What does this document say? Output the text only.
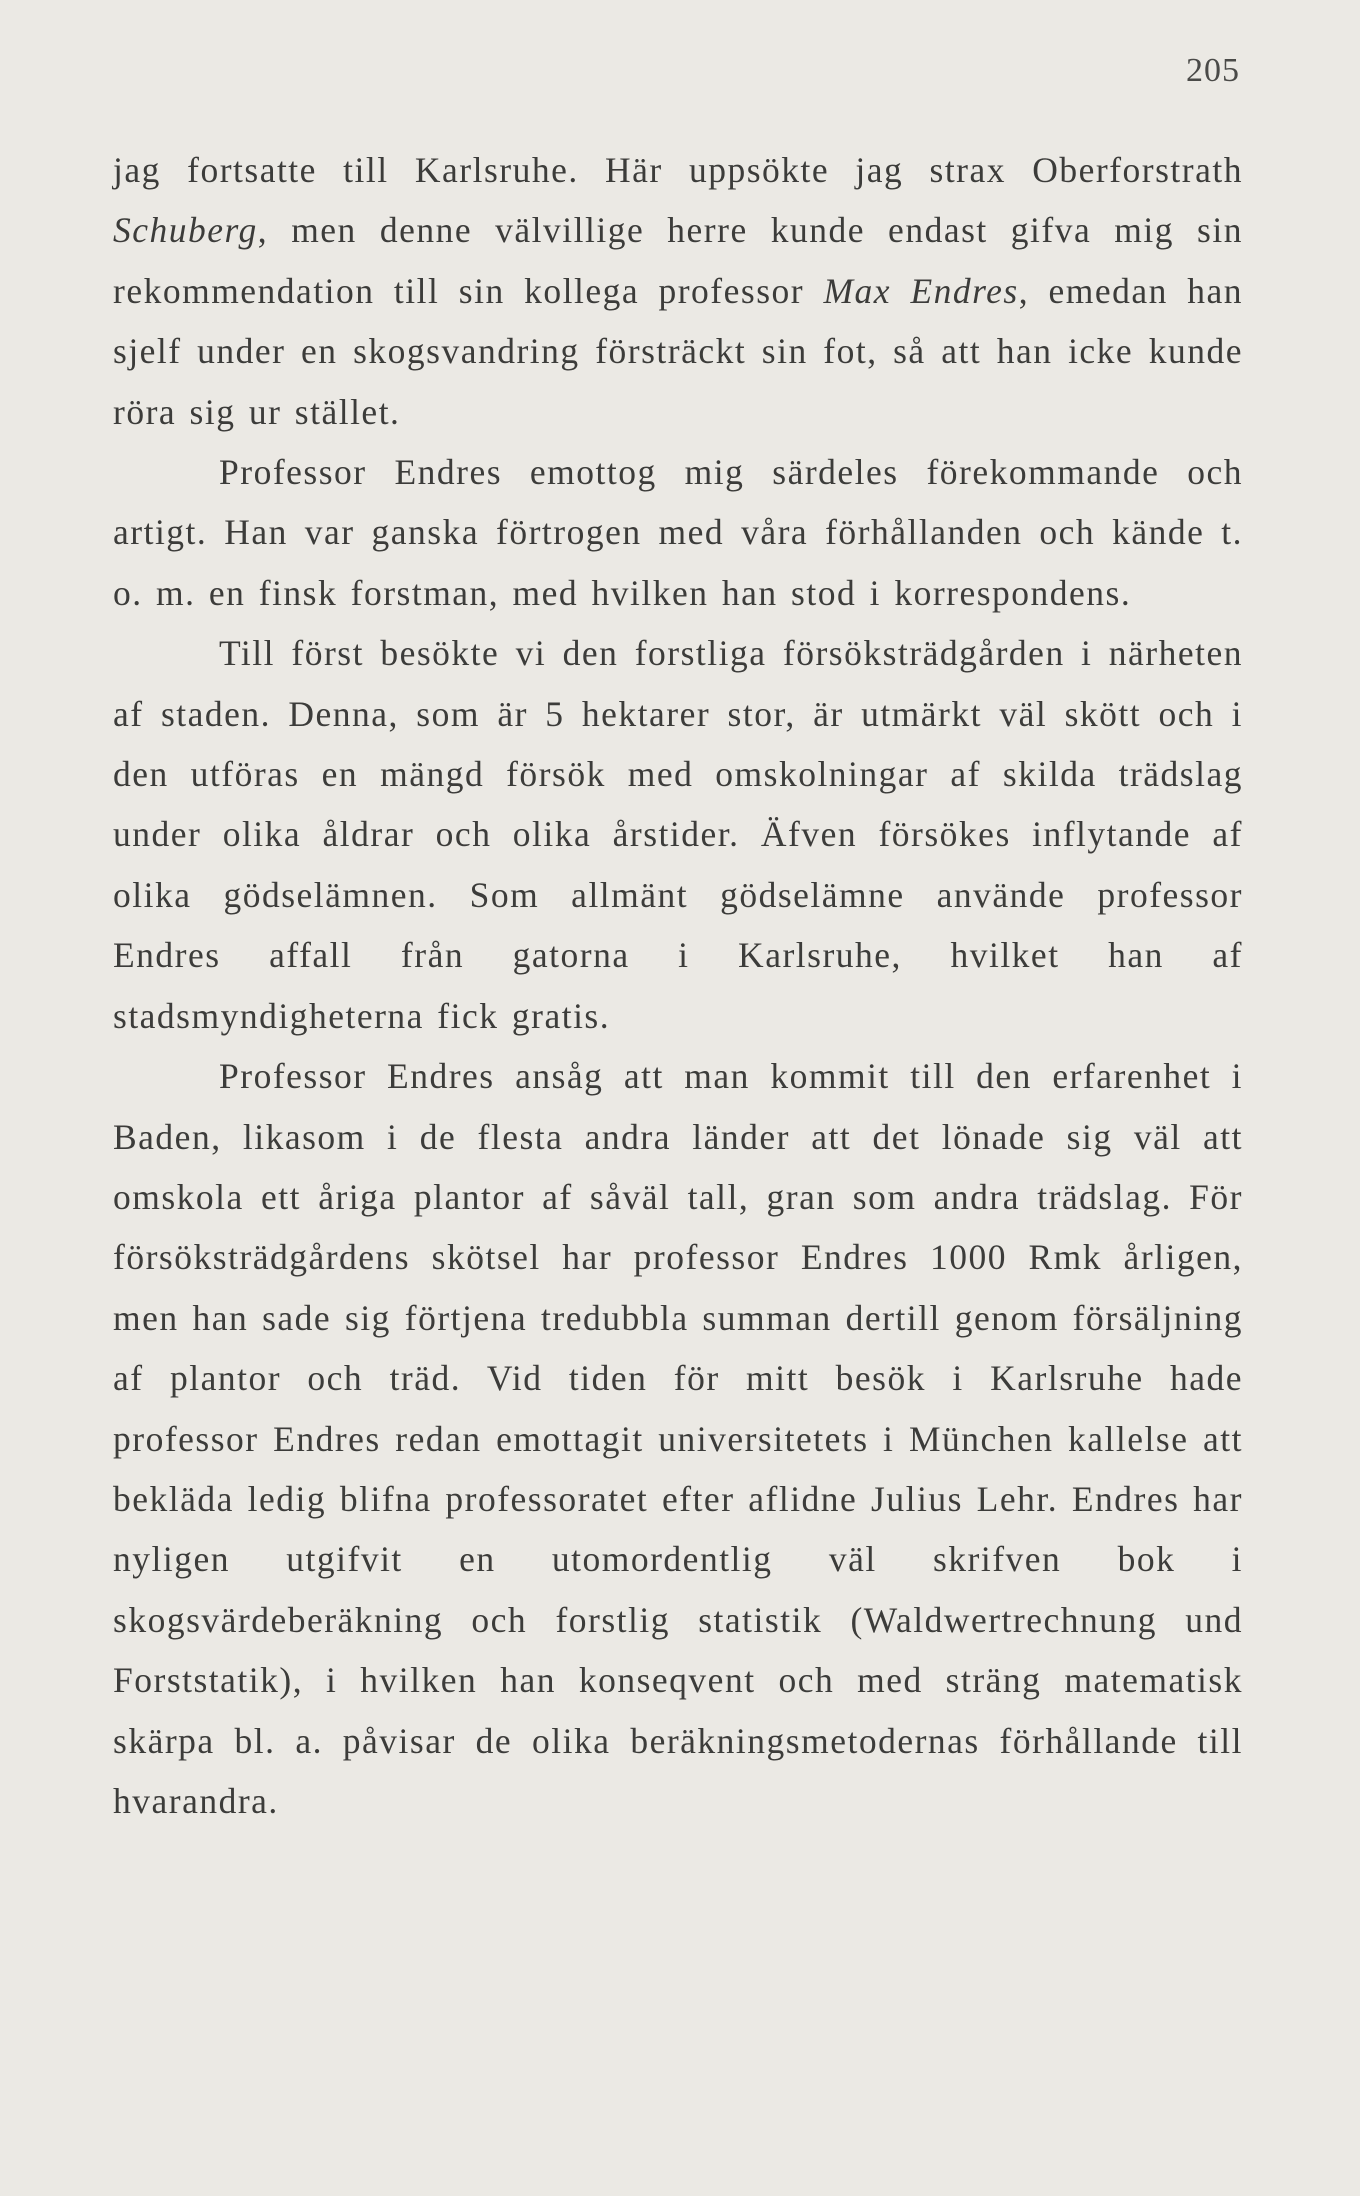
205

jag fortsatte till Karlsruhe. Här uppsökte jag strax Oberforstrath Schuberg, men denne välvillige herre kunde endast gifva mig sin rekommendation till sin kollega professor Max Endres, emedan han sjelf under en skogsvandring försträckt sin fot, så att han icke kunde röra sig ur stället.

Professor Endres emottog mig särdeles förekommande och artigt. Han var ganska förtrogen med våra förhållanden och kände t. o. m. en finsk forstman, med hvilken han stod i korrespondens.

Till först besökte vi den forstliga försöksträdgården i närheten af staden. Denna, som är 5 hektarer stor, är utmärkt väl skött och i den utföras en mängd försök med omskolningar af skilda trädslag under olika åldrar och olika årstider. Äfven försökes inflytande af olika gödselämnen. Som allmänt gödselämne använde professor Endres affall från gatorna i Karlsruhe, hvilket han af stadsmyndigheterna fick gratis.

Professor Endres ansåg att man kommit till den erfarenhet i Baden, likasom i de flesta andra länder att det lönade sig väl att omskola ett åriga plantor af såväl tall, gran som andra trädslag. För försöksträdgårdens skötsel har professor Endres 1000 Rmk årligen, men han sade sig förtjena tredubbla summan dertill genom försäljning af plantor och träd. Vid tiden för mitt besök i Karlsruhe hade professor Endres redan emottagit universitetets i München kallelse att bekläda ledig blifna professoratet efter aflidne Julius Lehr. Endres har nyligen utgifvit en utomordentlig väl skrifven bok i skogsvärdeberäkning och forstlig statistik (Waldwertrechnung und Forststatik), i hvilken han konseqvent och med sträng matematisk skärpa bl. a. påvisar de olika beräkningsmetodernas förhållande till hvarandra.
